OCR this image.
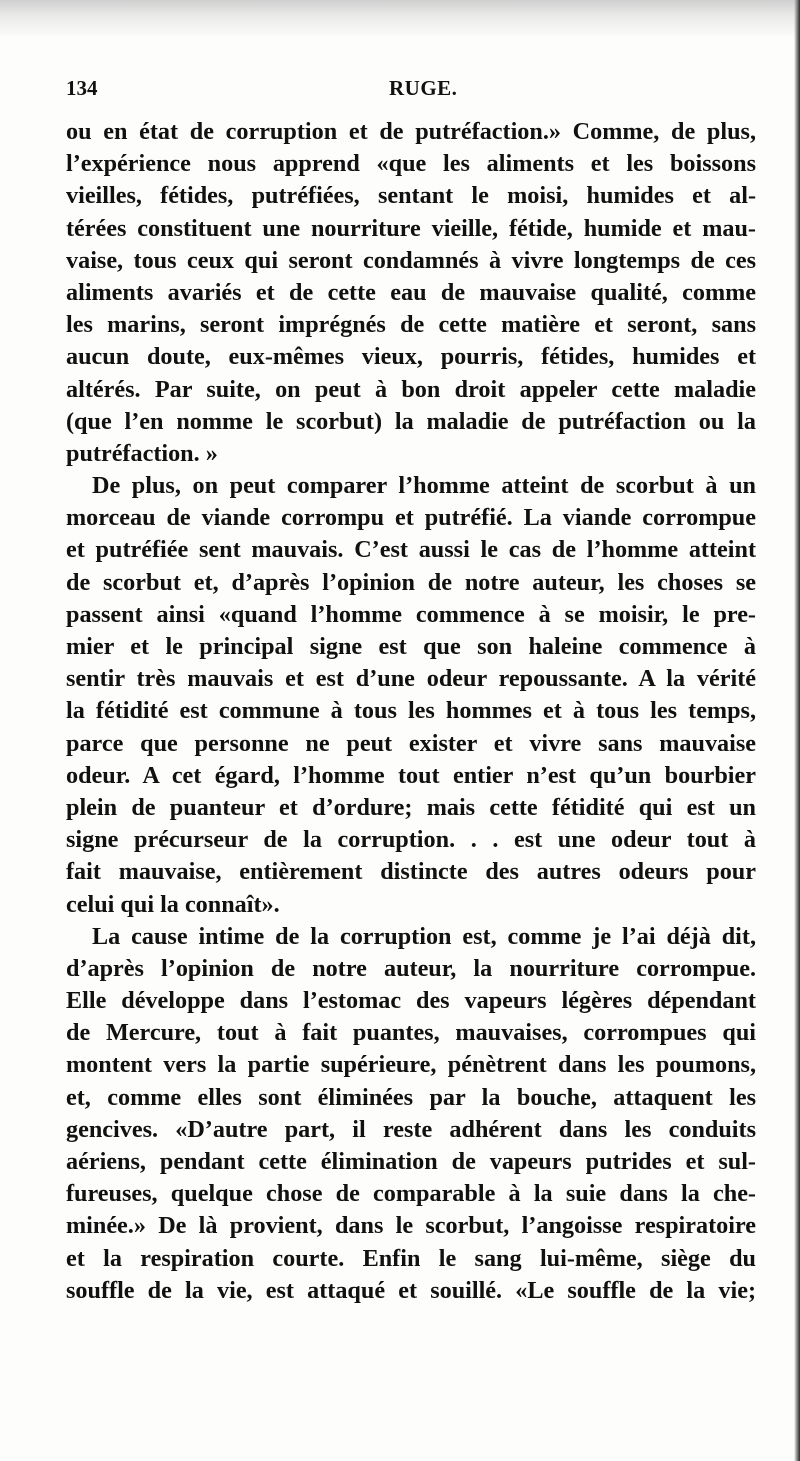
134	RUGE.
ou en état de corruption et de putréfaction.» Comme, de plus,
l’expérience nous apprend «que les aliments et les boissons
vieilles, fétides, putréfiées, sentant le moisi, humides et al-
térées constituent une nourriture vieille, fétide, humide et mau-
vaise, tous ceux qui seront condamnés à vivre longtemps de ces
aliments avariés et de cette eau de mauvaise qualité, comme
les marins, seront imprégnés de cette matière et seront, sans
aucun doute, eux-mêmes vieux, pourris, fétides, humides et
altérés. Par suite, on peut à bon droit appeler cette maladie
(que l’en nomme le scorbut) la maladie de putréfaction ou la
putréfaction. »
De plus, on peut comparer l’homme atteint de scorbut à un
morceau de viande corrompu et putréfié. La viande corrompue
et putréfiée sent mauvais. C’est aussi le cas de l’homme atteint
de scorbut et, d’après l’opinion de notre auteur, les choses se
passent ainsi «quand l’homme commence à se moisir, le pre-
mier et le principal signe est que son haleine commence à
sentir très mauvais et est d’une odeur repoussante. A la vérité
la fétidité est commune à tous les hommes et à tous les temps,
parce que personne ne peut exister et vivre sans mauvaise
odeur. A cet égard, l’homme tout entier n’est qu’un bourbier
plein de puanteur et d’ordure; mais cette fétidité qui est un
signe précurseur de la corruption. . . est une odeur tout à
fait mauvaise, entièrement distincte des autres odeurs pour
celui qui la connaît».
La cause intime de la corruption est, comme je l’ai déjà dit,
d’après l’opinion de notre auteur, la nourriture corrompue.
Elle développe dans l’estomac des vapeurs légères dépendant
de Mercure, tout à fait puantes, mauvaises, corrompues qui
montent vers la partie supérieure, pénètrent dans les poumons,
et, comme elles sont éliminées par la bouche, attaquent les
gencives. «D’autre part, il reste adhérent dans les conduits
aériens, pendant cette élimination de vapeurs putrides et sul-
fureuses, quelque chose de comparable à la suie dans la che-
minée.» De là provient, dans le scorbut, l’angoisse respiratoire
et la respiration courte. Enfin le sang lui-même, siège du
souffle de la vie, est attaqué et souillé. «Le souffle de la vie;
